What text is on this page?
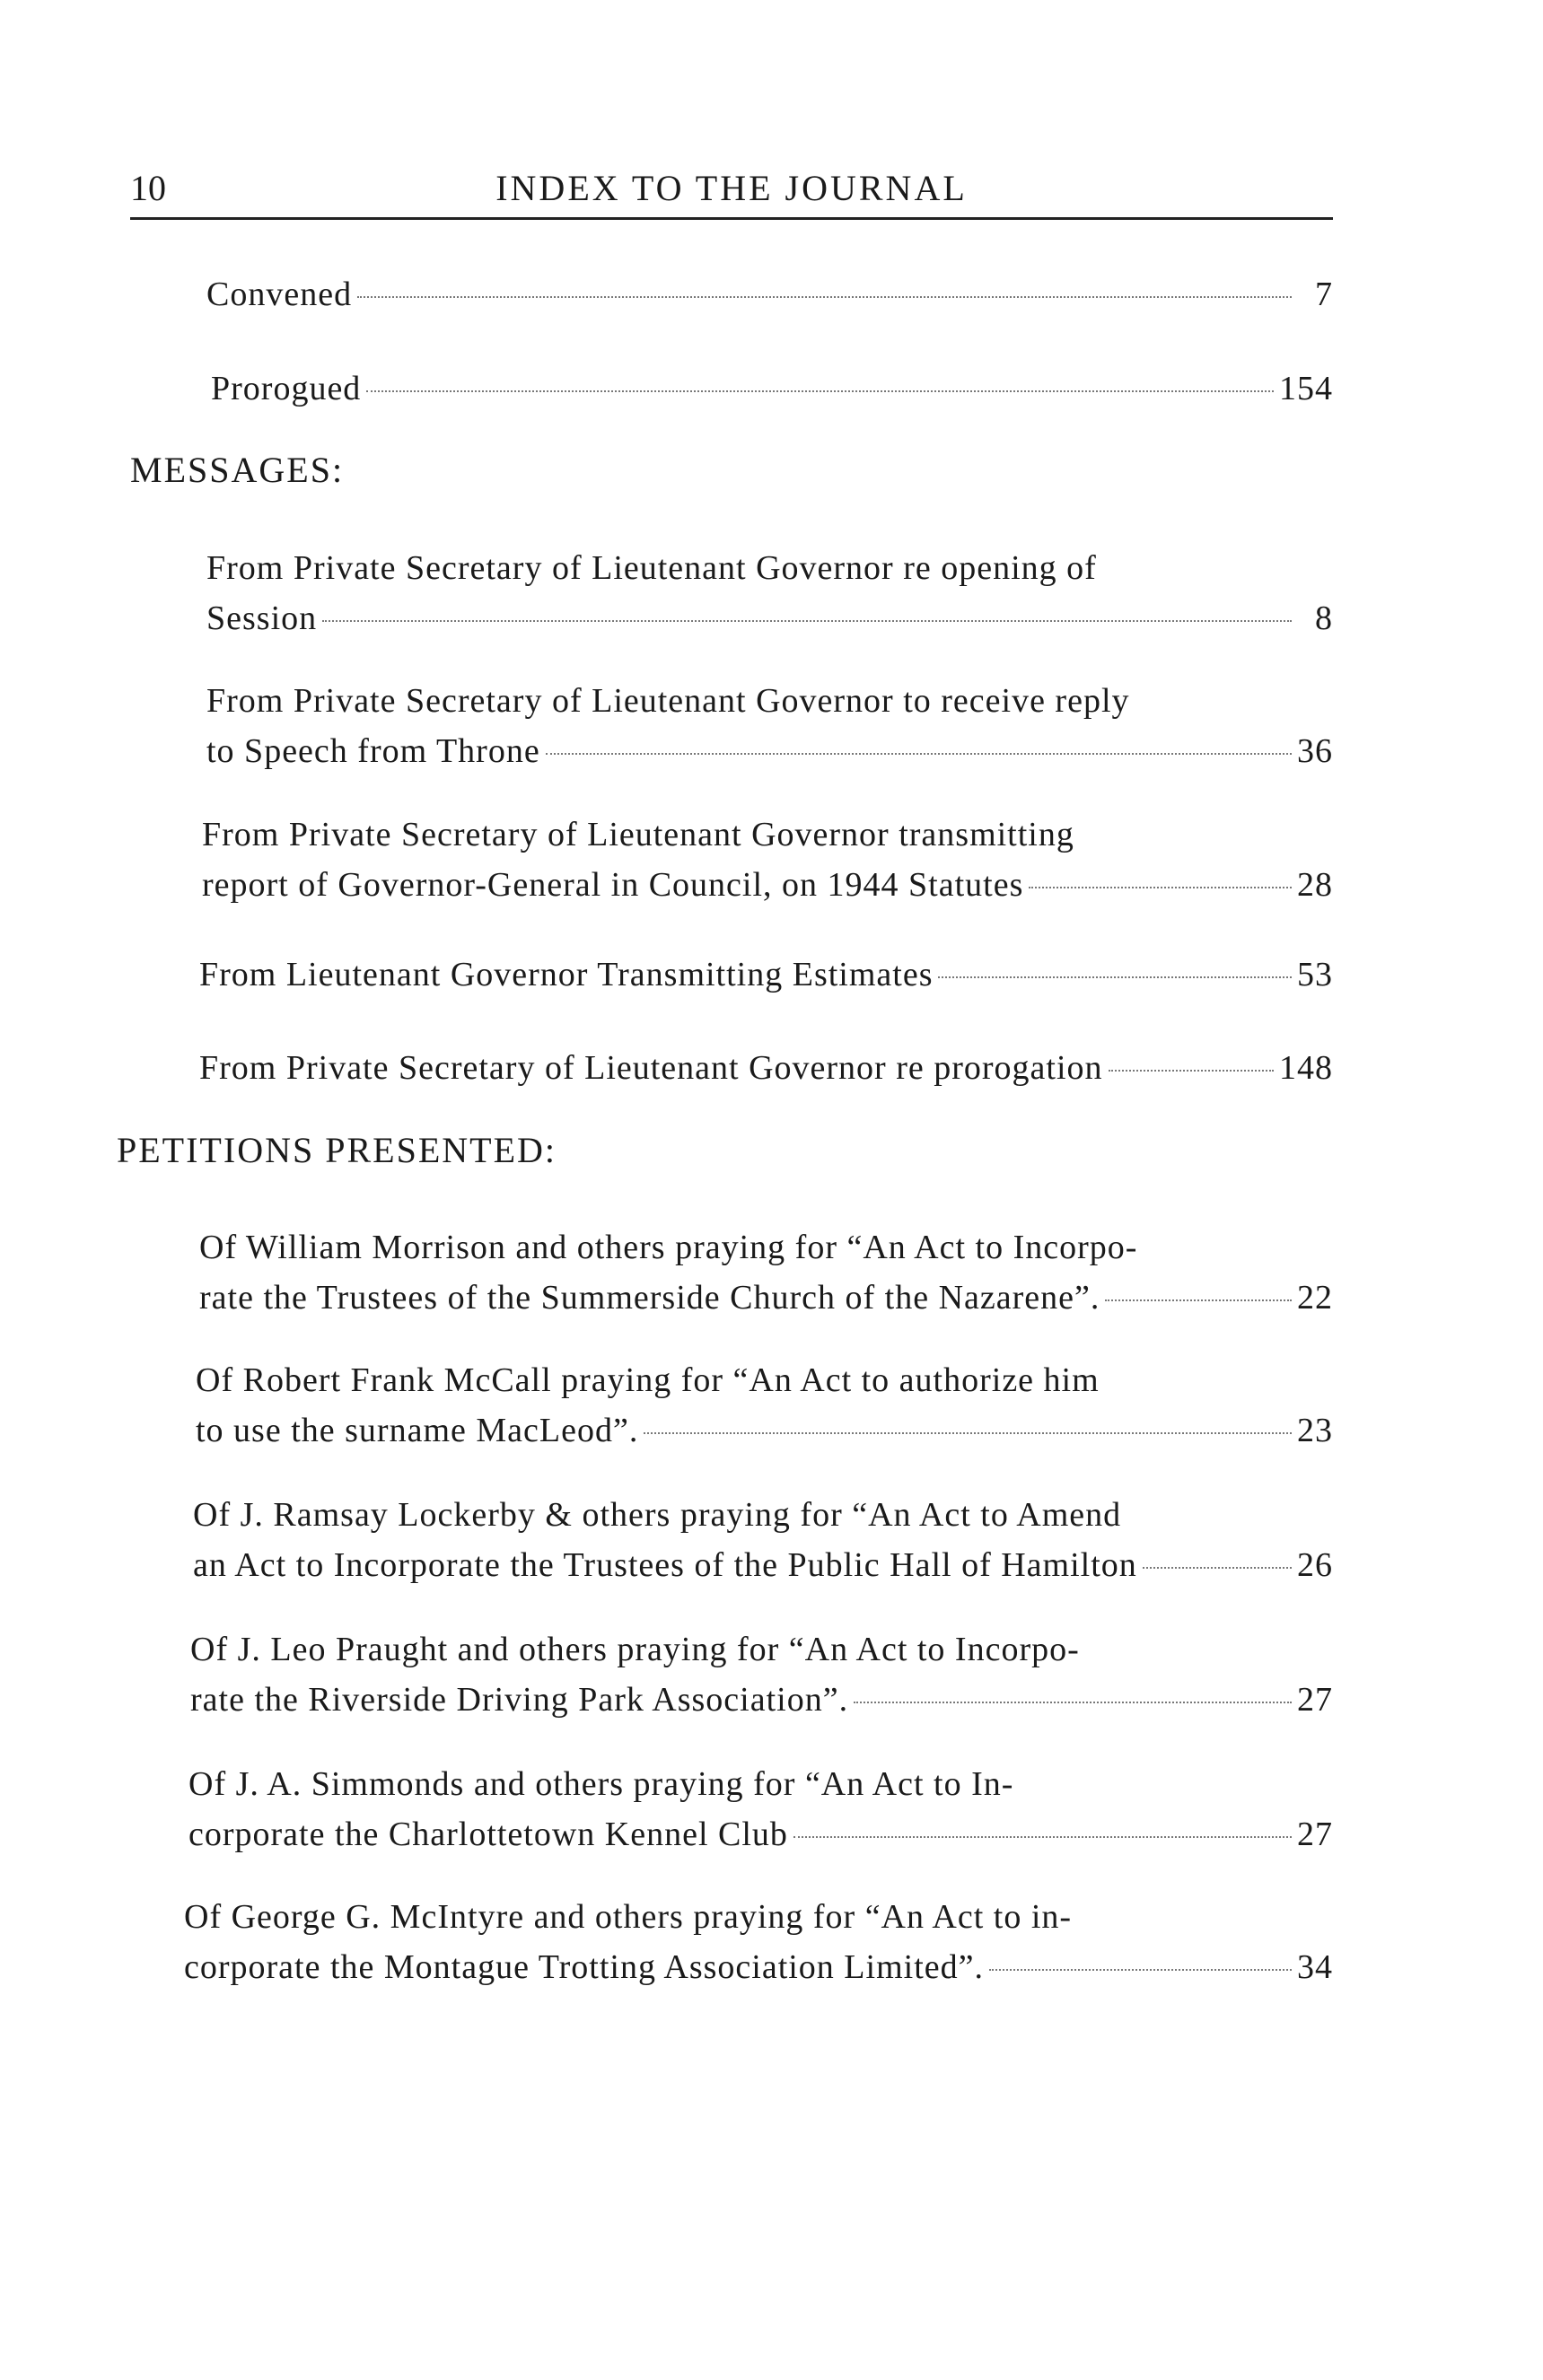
10	INDEX TO THE JOURNAL
Convened	7
Prorogued	154
MESSAGES:
From Private Secretary of Lieutenant Governor re opening of
Session	8
From Private Secretary of Lieutenant Governor to receive reply
to Speech from Throne	36
From Private Secretary of Lieutenant Governor transmitting
report of Governor-General in Council, on 1944 Statutes	28
From Lieutenant Governor Transmitting Estimates	53
From Private Secretary of Lieutenant Governor re prorogation	148
PETITIONS PRESENTED:
Of William Morrison and others praying for “An Act to Incorpo-
rate the Trustees of the Summerside Church of the Nazarene”.	22
Of Robert Frank McCall praying for “An Act to authorize him
to use the surname MacLeod”.	23
Of J. Ramsay Lockerby & others praying for “An Act to Amend
an Act to Incorporate the Trustees of the Public Hall of Hamilton	26
Of J. Leo Praught and others praying for “An Act to Incorpo-
rate the Riverside Driving Park Association”.	27
Of J. A. Simmonds and others praying for “An Act to In-
corporate the Charlottetown Kennel Club	27
Of George G. McIntyre and others praying for “An Act to in-
corporate the Montague Trotting Association Limited”.	34
